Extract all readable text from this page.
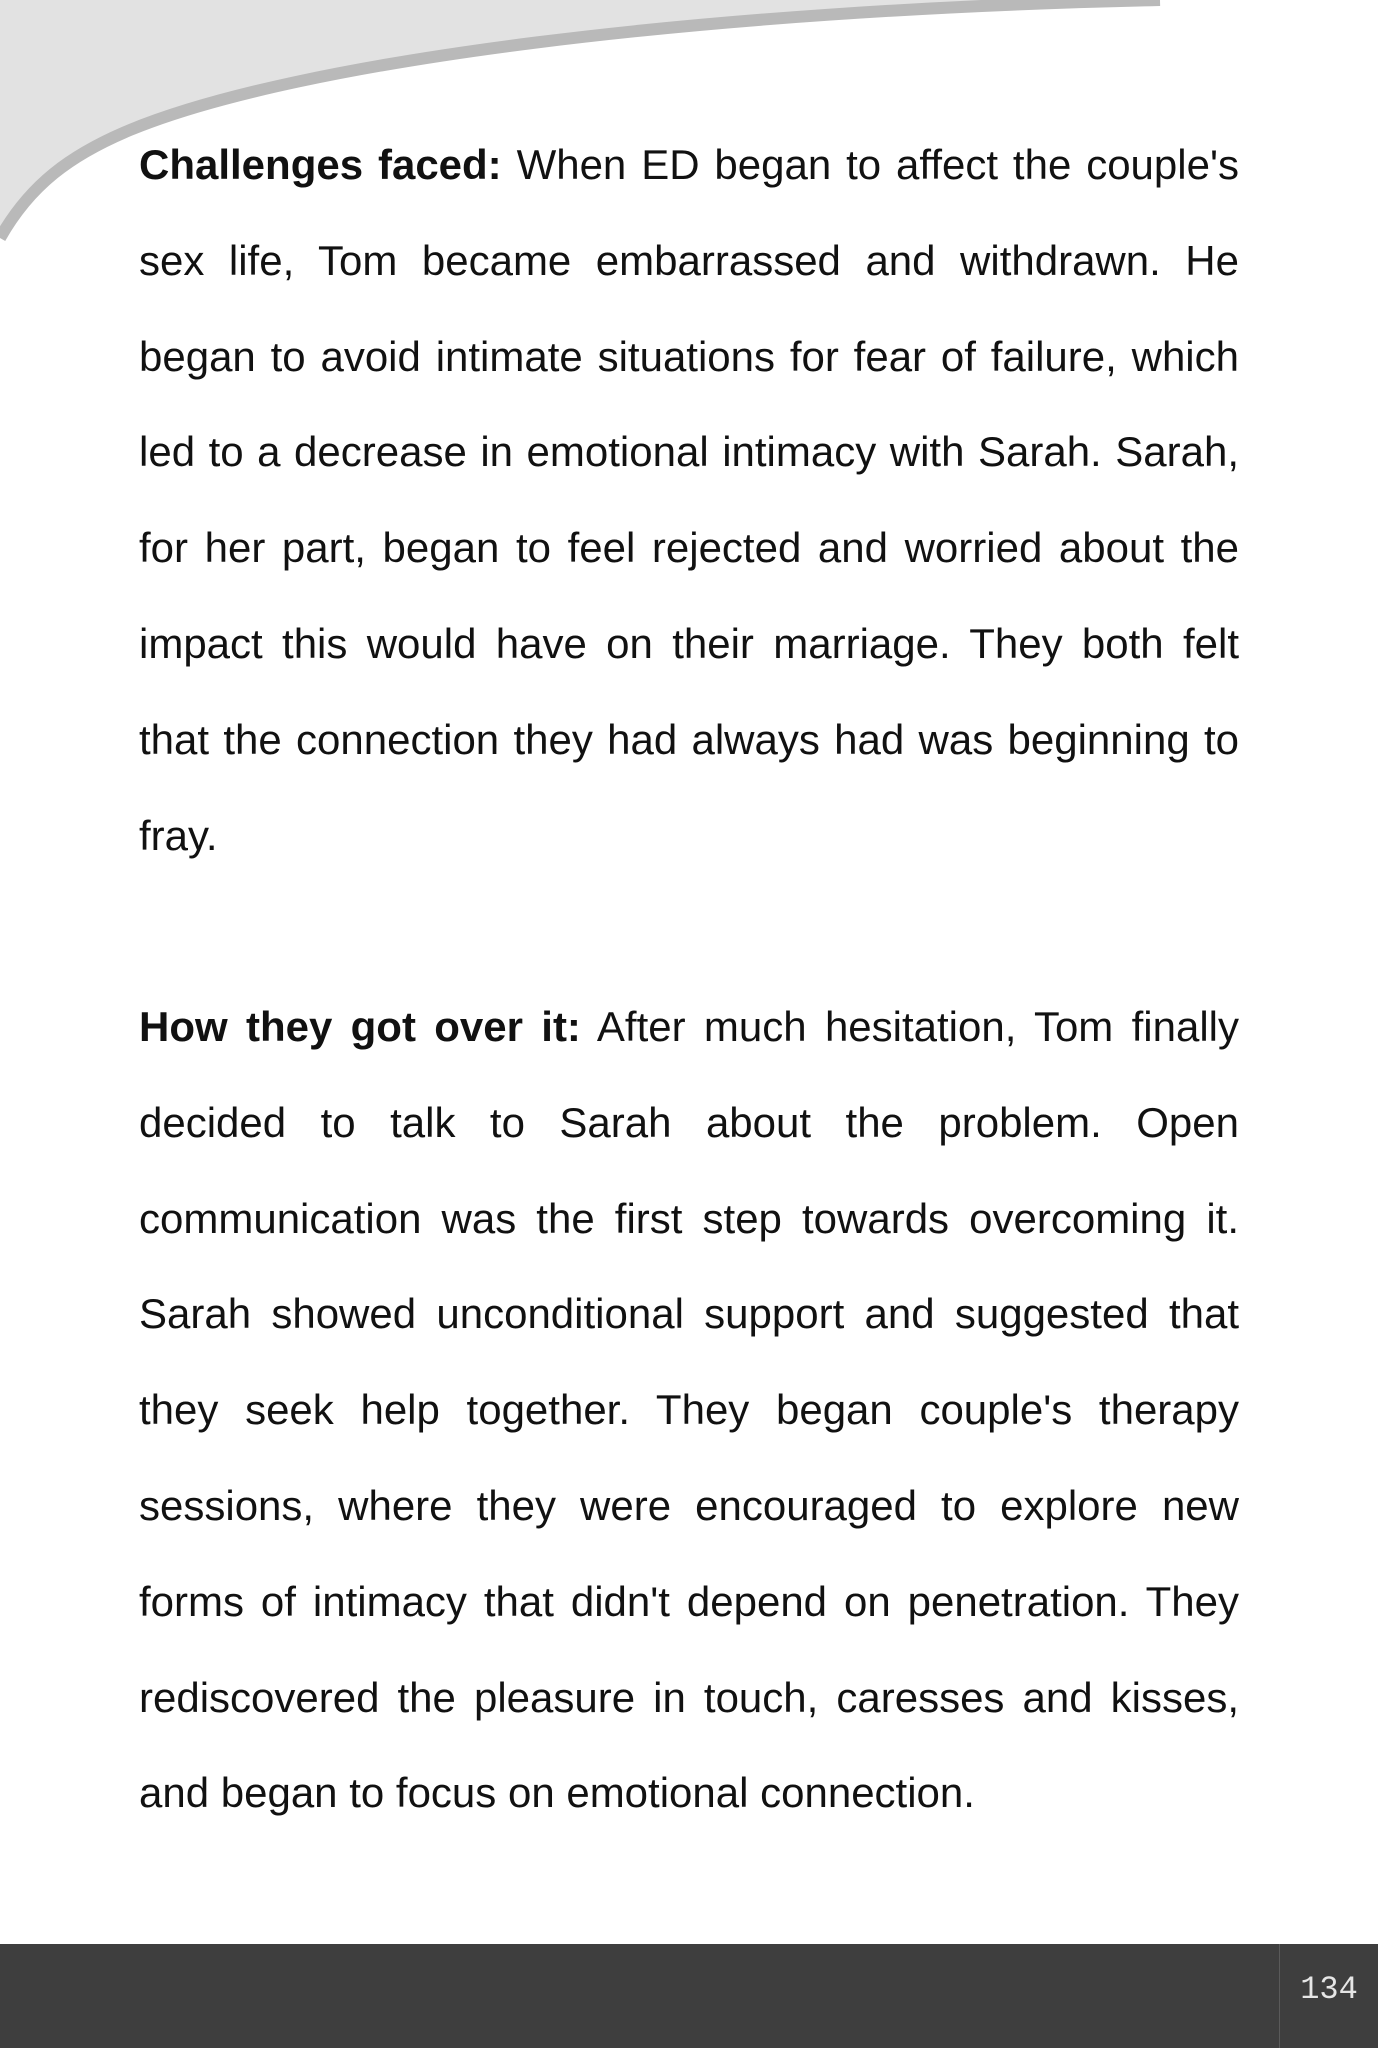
Challenges faced: When ED began to affect the couple's sex life, Tom became embarrassed and withdrawn. He began to avoid intimate situations for fear of failure, which led to a decrease in emotional intimacy with Sarah. Sarah, for her part, began to feel rejected and worried about the impact this would have on their marriage. They both felt that the connection they had always had was beginning to fray.

How they got over it: After much hesitation, Tom finally decided to talk to Sarah about the problem. Open communication was the first step towards overcoming it. Sarah showed unconditional support and suggested that they seek help together. They began couple's therapy sessions, where they were encouraged to explore new forms of intimacy that didn't depend on penetration. They rediscovered the pleasure in touch, caresses and kisses, and began to focus on emotional connection.

134
